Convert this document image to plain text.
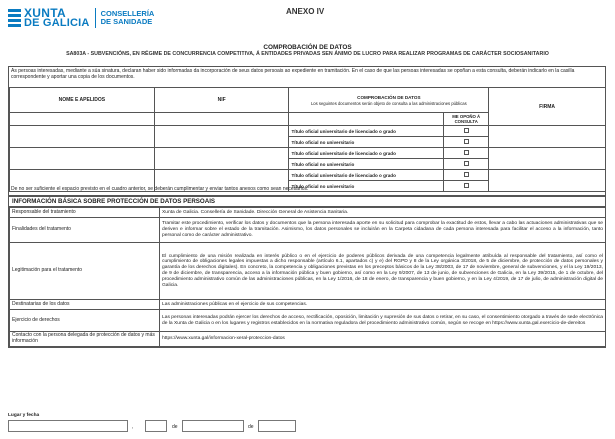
XUNTA
DE GALICIA
CONSELLERÍA
DE SANIDADE
ANEXO IV
COMPROBACIÓN DE DATOS
SA803A - SUBVENCIÓNS, EN RÉGIME DE CONCURRENCIA COMPETITIVA, Á ENTIDADES PRIVADAS SEN ÁNIMO DE LUCRO PARA REALIZAR PROGRAMAS DE CARÁCTER SOCIOSANITARIO
As persoas interesadas, mediante a súa sinatura, declaran haber sido informadas da incorporación de seus datos persoais ao expediente en tramitación. En el caso de que las persoas interesadas se opoñan a esta consulta, deberán indicarlo en la casilla correspondente y aportar una copia de los documentos.
NOME E APELIDOS	NIF	COMPROBACIÓN DE DATOS
Los seguintes documentos serán objeto de consulta a las administraciones públicas		FIRMA
			ME OPOÑO Á CONSULTA	
		Título oficial universitario de licenciado o grado		
		Título oficial no universitario		
		Título oficial universitario de licenciado o grado		
		Título oficial no universitario		
		Título oficial universitario de licenciado o grado		
		Título oficial no universitario		
De no ser suficiente el espacio previsto en el cuadro anterior, se deberán cumplimentar y enviar tantos anexos como sean necesarios.
INFORMACIÓN BÁSICA SOBRE PROTECCIÓN DE DATOS PERSOAIS
Responsable del tratamiento	Xunta de Galicia. Consellería de Sanidade. Dirección General de Asistencia Sanitaria.
Finalidades del tratamento	Tramitar este procedimiento, verificar los datos y documentos que la persona interesada aporte en su solicitud para comprobar la exactitud de estos, llevar a cabo las actuaciones administrativas que se deriven e informar sobre el estado de la tramitación. Asimismo, los datos personales se incluirán en la Carpeta cidadana de cada persona interesada para facilitar el acceso a la información, tanto personal como de carácter administrativo.
Legitimación para el tratamento	El cumplimiento de una misión realizada en interés público o en el ejercicio de poderes públicos derivada de una competencia legalmente atribuída al responsable del tratamiento, así como el cumplimiento de obligaciones legales impuestas a dicho responsable (artículo 6.1, apartados c) y e) del RGPD y 8 de la Ley orgánica 3/2018, de 5 de diciembre, de protección de datos personales y garantía de los derechos digitales). En concreto, la competencia y obligaciones previstas en los preceptos básicos de la Ley 38/2003, de 17 de noviembre, general de subvenciones, y el la Ley 19/2013, de 9 de diciembre, de transparencia, acceso a la información pública y buen gobierno, así como en la Ley 9/2007, de 13 de junio, de subvenciones de Galicia, en la Ley 39/2015, de 1 de octubre, del procedimiento administrativo común de las administraciones públicas, en la Ley 1/2016, de 18 de enero, de transparencia y buen gobierno, y en la Ley 4/2019, de 17 de julio, de administración digital de Galicia.
Destinatarias de los datos	Las administraciones públicas en el ejercicio de sus competencias.
Ejercicio de derechos	Las personas interesadas podrán ejercer los derechos de acceso, rectificación, oposición, limitación y supresión de sus datos o retirar, en su caso, el consentimiento otorgado a través de sede electrónica de la Xunta de Galicia o en los lugares y registros establecidos en la normativa reguladora del procedimiento administrativo común, según se recoge en https://www.xunta.gal.exercicio-de-dereitos
Contacto con la persona delegada de protección de datos y más información	https://www.xunta.gal/informacion-xeral-proteccion-datos
Lugar y fecha
,	de	de
